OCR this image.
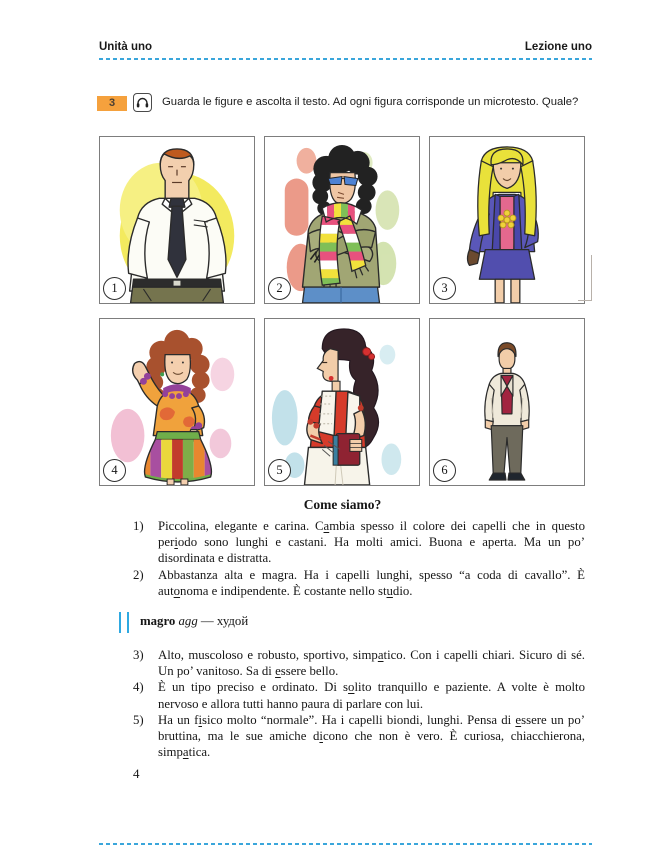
Unità uno	Lezione uno
3	Guarda le figure e ascolta il testo. Ad ogni figura corrisponde un microtesto. Quale?

1	2	3
4	5	6
Come siamo?
1) Piccolina, elegante e carina. Cambia spesso il colore dei capelli che in questo periodo sono lunghi e castani. Ha molti amici. Buona e aperta. Ma un po’ disordinata e distratta.
2) Abbastanza alta e magra. Ha i capelli lunghi, spesso “a coda di cavallo”. È autonoma e indipendente. È costante nello studio.
magro agg — худой
3) Alto, muscoloso e robusto, sportivo, simpatico. Con i capelli chiari. Sicuro di sé. Un po’ vanitoso. Sa di essere bello.
4) È un tipo preciso e ordinato. Di solito tranquillo e paziente. A volte è molto nervoso e allora tutti hanno paura di parlare con lui.
5) Ha un fisico molto “normale”. Ha i capelli biondi, lunghi. Pensa di essere un po’ bruttina, ma le sue amiche dicono che non è vero. È curiosa, chiacchierona, simpatica.
4
